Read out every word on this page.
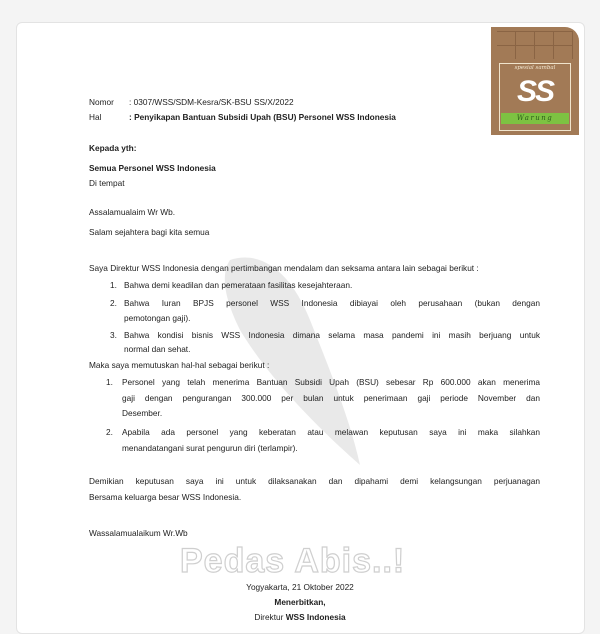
Pedas Abis..!
spesial sambal
SS
Warung
Nomor : 0307/WSS/SDM-Kesra/SK-BSU SS/X/2022
Hal	: Penyikapan Bantuan Subsidi Upah (BSU) Personel WSS Indonesia
Kepada yth:
Semua Personel WSS Indonesia
Di tempat
Assalamualaim Wr Wb.
Salam sejahtera bagi kita semua
Saya Direktur WSS Indonesia dengan pertimbangan mendalam dan seksama antara lain sebagai berikut :
1. Bahwa demi keadilan dan pemerataan fasilitas kesejahteraan.
2. Bahwa Iuran BPJS personel WSS Indonesia dibiayai oleh perusahaan (bukan dengan
pemotongan gaji).
3. Bahwa kondisi bisnis WSS Indonesia dimana selama masa pandemi ini masih berjuang untuk
normal dan sehat.
Maka saya memutuskan hal-hal sebagai berikut :
1. Personel yang telah menerima Bantuan Subsidi Upah (BSU) sebesar Rp 600.000 akan menerima
gaji dengan pengurangan 300.000 per bulan untuk penerimaan gaji periode November dan
Desember.
2. Apabila ada personel yang keberatan atau melawan keputusan saya ini maka silahkan
menandatangani surat pengurun diri (terlampir).
Demikian keputusan saya ini untuk dilaksanakan dan dipahami demi kelangsungan perjuanagan
Bersama keluarga besar WSS Indonesia.
Wassalamualaikum Wr.Wb
Yogyakarta, 21 Oktober 2022
Menerbitkan,
Direktur WSS Indonesia
